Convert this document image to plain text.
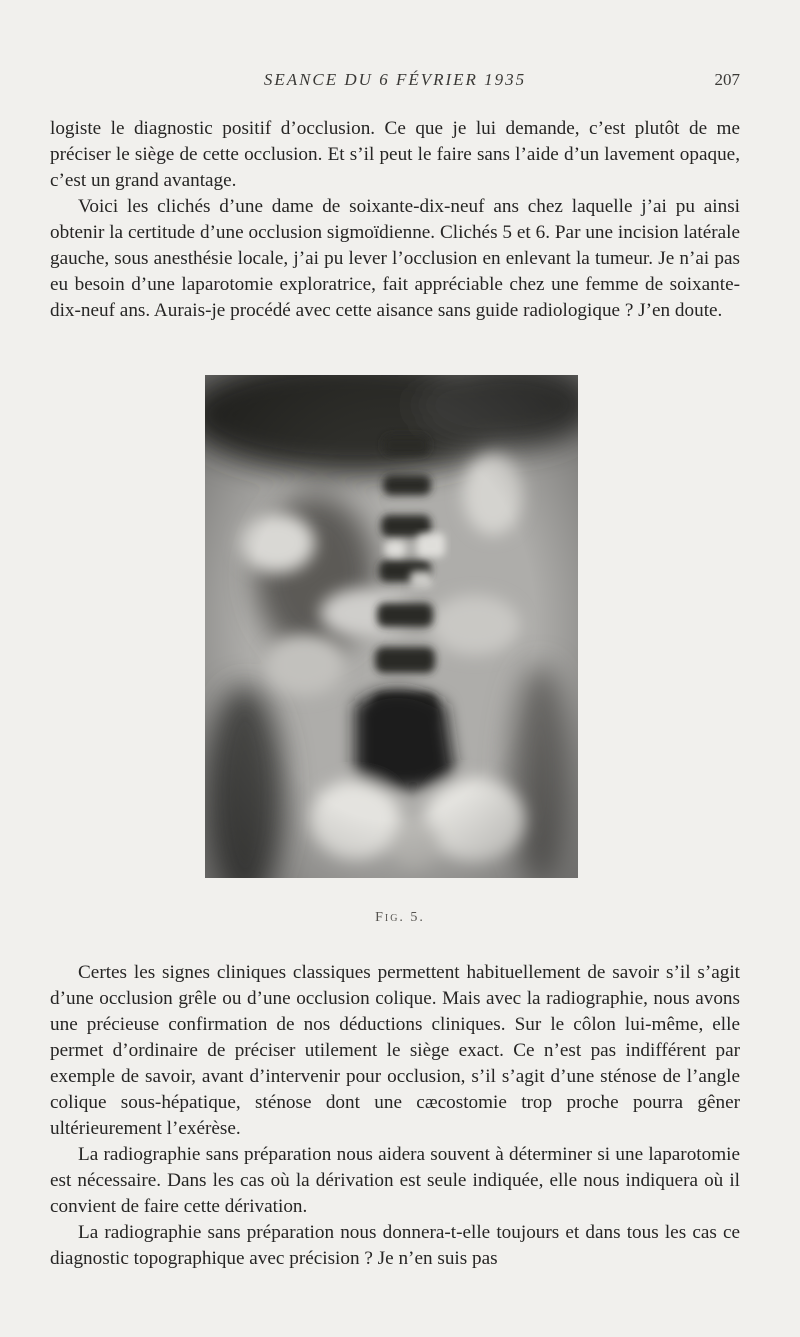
SEANCE DU 6 FÉVRIER 1935	207

logiste le diagnostic positif d’occlusion. Ce que je lui demande, c’est plutôt de me préciser le siège de cette occlusion. Et s’il peut le faire sans l’aide d’un lavement opaque, c’est un grand avantage.

Voici les clichés d’une dame de soixante-dix-neuf ans chez laquelle j’ai pu ainsi obtenir la certitude d’une occlusion sigmoïdienne. Clichés 5 et 6. Par une incision latérale gauche, sous anesthésie locale, j’ai pu lever l’occlusion en enlevant la tumeur. Je n’ai pas eu besoin d’une laparotomie exploratrice, fait appréciable chez une femme de soixante-dix-neuf ans. Aurais-je procédé avec cette aisance sans guide radiologique ? J’en doute.

Fig. 5.

Certes les signes cliniques classiques permettent habituellement de savoir s’il s’agit d’une occlusion grêle ou d’une occlusion colique. Mais avec la radiographie, nous avons une précieuse confirmation de nos déductions cliniques. Sur le côlon lui-même, elle permet d’ordinaire de préciser utilement le siège exact. Ce n’est pas indifférent par exemple de savoir, avant d’intervenir pour occlusion, s’il s’agit d’une sténose de l’angle colique sous-hépatique, sténose dont une cæcostomie trop proche pourra gêner ultérieurement l’exérèse.

La radiographie sans préparation nous aidera souvent à déterminer si une laparotomie est nécessaire. Dans les cas où la dérivation est seule indiquée, elle nous indiquera où il convient de faire cette dérivation.

La radiographie sans préparation nous donnera-t-elle toujours et dans tous les cas ce diagnostic topographique avec précision ? Je n’en suis pas
